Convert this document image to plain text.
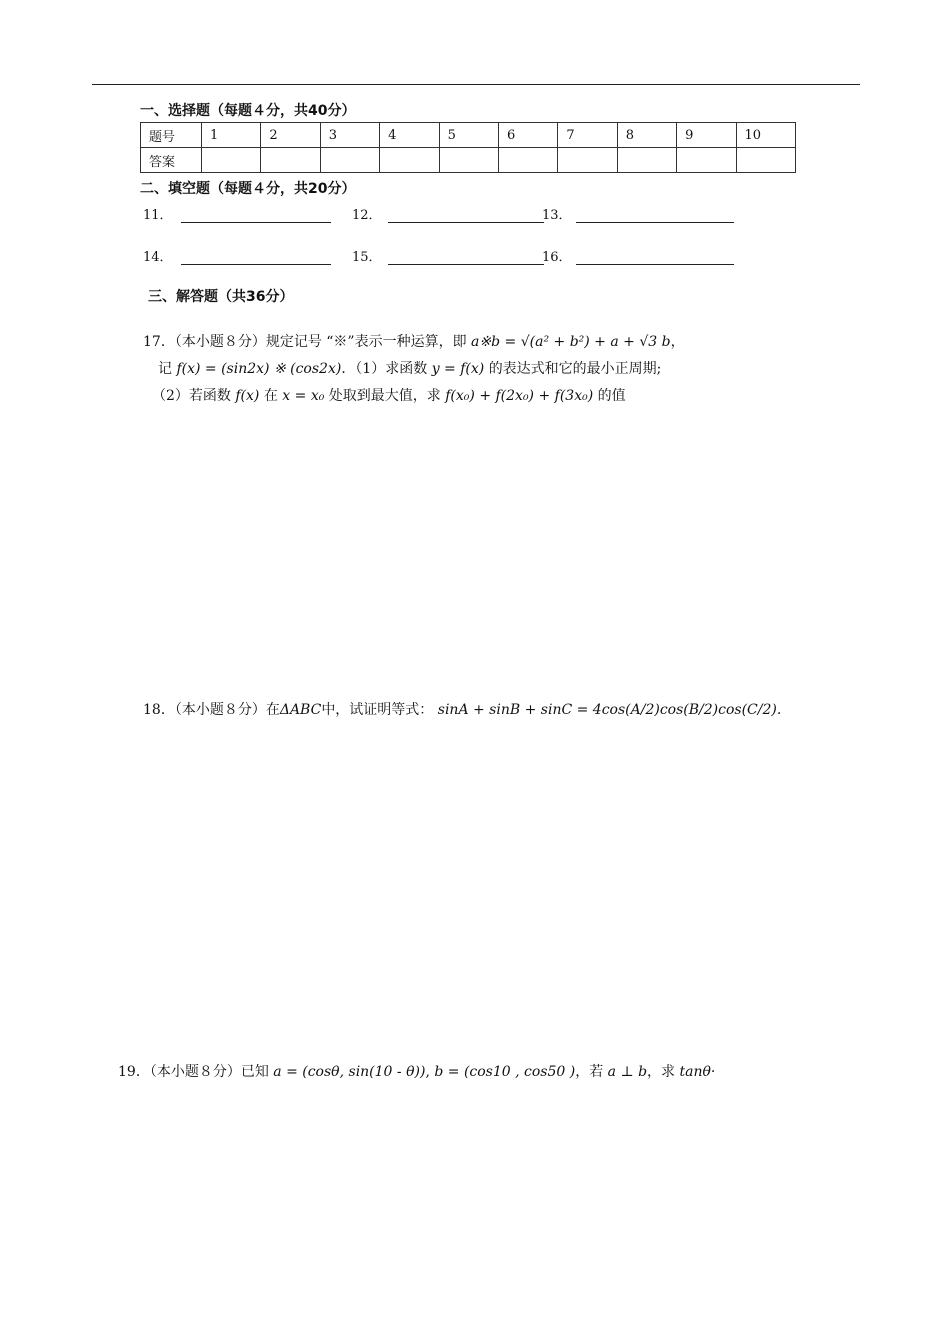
一、选择题（每题４分，共40分）
题号	1	2	3	4	5	6	7	8	9	10
答案										
二、填空题（每题４分，共20分）
11．	12．	13．
14．	15．	16．
三、解答题（共36分）
17．（本小题８分）规定记号 “※”表示一种运算，即 a※b = √(a² + b²) + a + √3 b，
记 f(x) = (sin2x) ※ (cos2x)．（1）求函数 y = f(x) 的表达式和它的最小正周期;
（2）若函数 f(x) 在 x = x₀ 处取到最大值，求 f(x₀) + f(2x₀) + f(3x₀) 的值
18．（本小题８分）在ΔABC中，试证明等式： sinA + sinB + sinC = 4cos(A/2)cos(B/2)cos(C/2).
19．（本小题８分）已知 a = (cosθ, sin(10 - θ)), b = (cos10 , cos50 )，若 a ⊥ b，求 tanθ·
